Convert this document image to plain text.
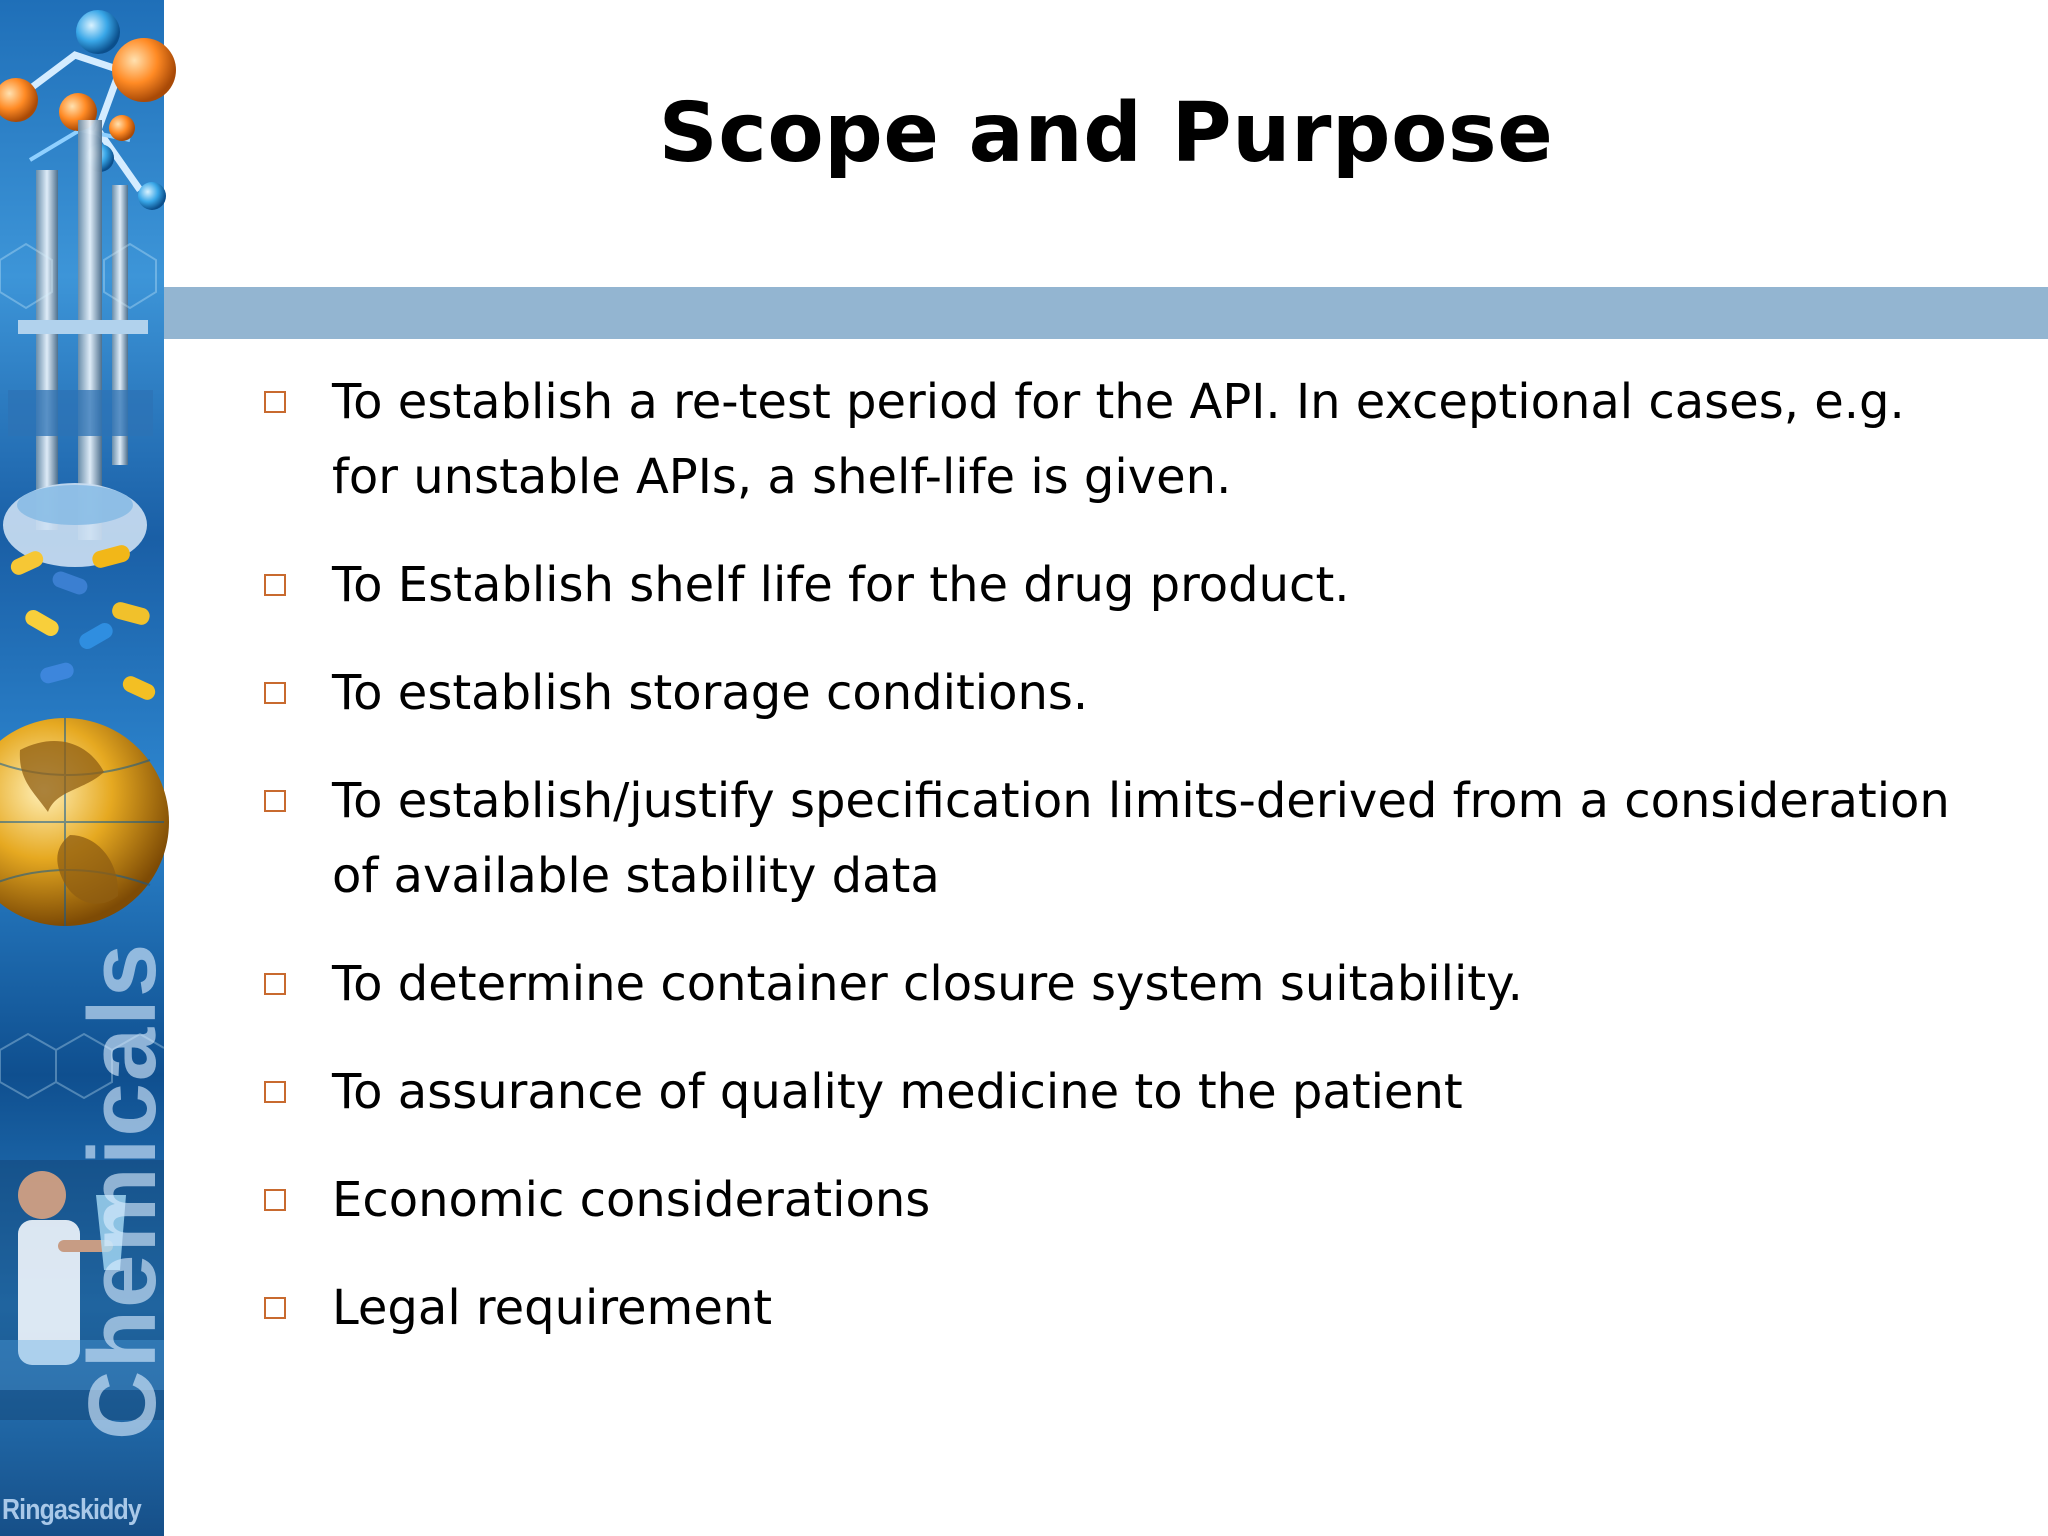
Chemicals
Ringaskiddy
Scope and Purpose
To establish a re-test period for the API. In exceptional cases, e.g. for unstable APIs, a shelf-life is given.
To Establish shelf life for the drug product.
To establish storage conditions.
To establish/justify specification limits-derived from a consideration of available stability data
To determine container closure system suitability.
To assurance of quality medicine to the patient
Economic considerations
Legal requirement
